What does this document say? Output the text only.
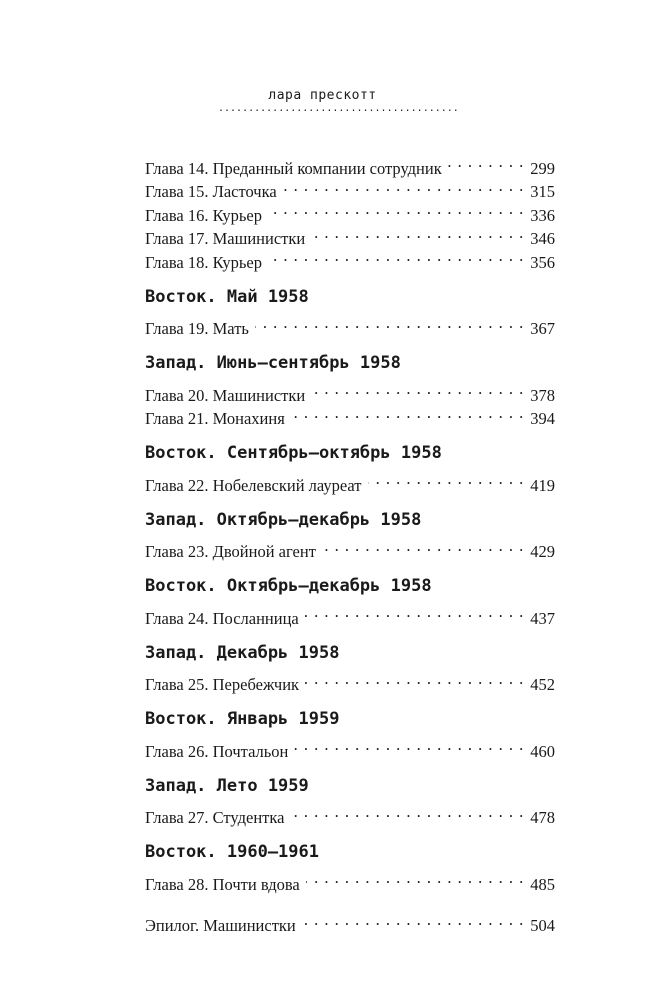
лара прескотт
........................................
Глава 14. Преданный компании сотрудник . . .	299
Глава 15. Ласточка . . .	315
Глава 16. Курьер . . .	336
Глава 17. Машинистки . . .	346
Глава 18. Курьер . . .	356
Восток. Май 1958
Глава 19. Мать . . .	367
Запад. Июнь–сентябрь 1958
Глава 20. Машинистки . . .	378
Глава 21. Монахиня . . .	394
Восток. Сентябрь–октябрь 1958
Глава 22. Нобелевский лауреат . . .	419
Запад. Октябрь–декабрь 1958
Глава 23. Двойной агент . . .	429
Восток. Октябрь–декабрь 1958
Глава 24. Посланница . . .	437
Запад. Декабрь 1958
Глава 25. Перебежчик . . .	452
Восток. Январь 1959
Глава 26. Почтальон . . .	460
Запад. Лето 1959
Глава 27. Студентка . . .	478
Восток. 1960–1961
Глава 28. Почти вдова . . .	485
Эпилог. Машинистки . . .	504
